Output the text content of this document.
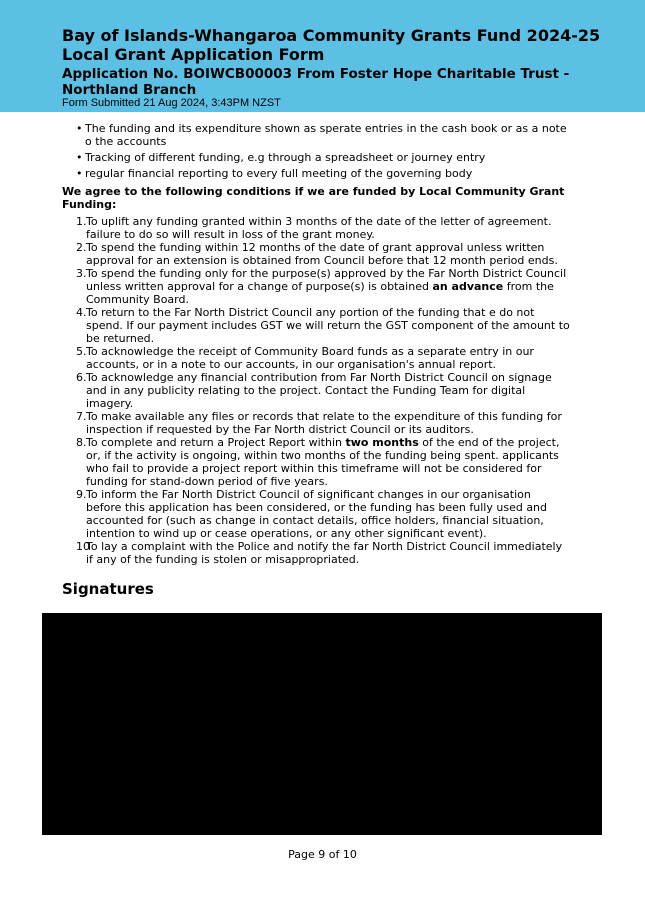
Bay of Islands-Whangaroa Community Grants Fund 2024-25
Local Grant Application Form
Application No. BOIWCB00003 From Foster Hope Charitable Trust -
Northland Branch
Form Submitted 21 Aug 2024, 3:43PM NZST
• The funding and its expenditure shown as sperate entries in the cash book or as a note
o the accounts
• Tracking of different funding, e.g through a spreadsheet or journey entry
• regular financial reporting to every full meeting of the governing body
We agree to the following conditions if we are funded by Local Community Grant Funding:
1. To uplift any funding granted within 3 months of the date of the letter of agreement.
failure to do so will result in loss of the grant money.
2. To spend the funding within 12 months of the date of grant approval unless written
approval for an extension is obtained from Council before that 12 month period ends.
3. To spend the funding only for the purpose(s) approved by the Far North District Council
unless written approval for a change of purpose(s) is obtained an advance from the
Community Board.
4. To return to the Far North District Council any portion of the funding that e do not
spend. If our payment includes GST we will return the GST component of the amount to
be returned.
5. To acknowledge the receipt of Community Board funds as a separate entry in our
accounts, or in a note to our accounts, in our organisation's annual report.
6. To acknowledge any financial contribution from Far North District Council on signage
and in any publicity relating to the project. Contact the Funding Team for digital
imagery.
7. To make available any files or records that relate to the expenditure of this funding for
inspection if requested by the Far North district Council or its auditors.
8. To complete and return a Project Report within two months of the end of the project,
or, if the activity is ongoing, within two months of the funding being spent. applicants
who fail to provide a project report within this timeframe will not be considered for
funding for stand-down period of five years.
9. To inform the Far North District Council of significant changes in our organisation
before this application has been considered, or the funding has been fully used and
accounted for (such as change in contact details, office holders, financial situation,
intention to wind up or cease operations, or any other significant event).
10
To lay a complaint with the Police and notify the far North District Council immediately
if any of the funding is stolen or misappropriated.
Signatures
Page 9 of 10
